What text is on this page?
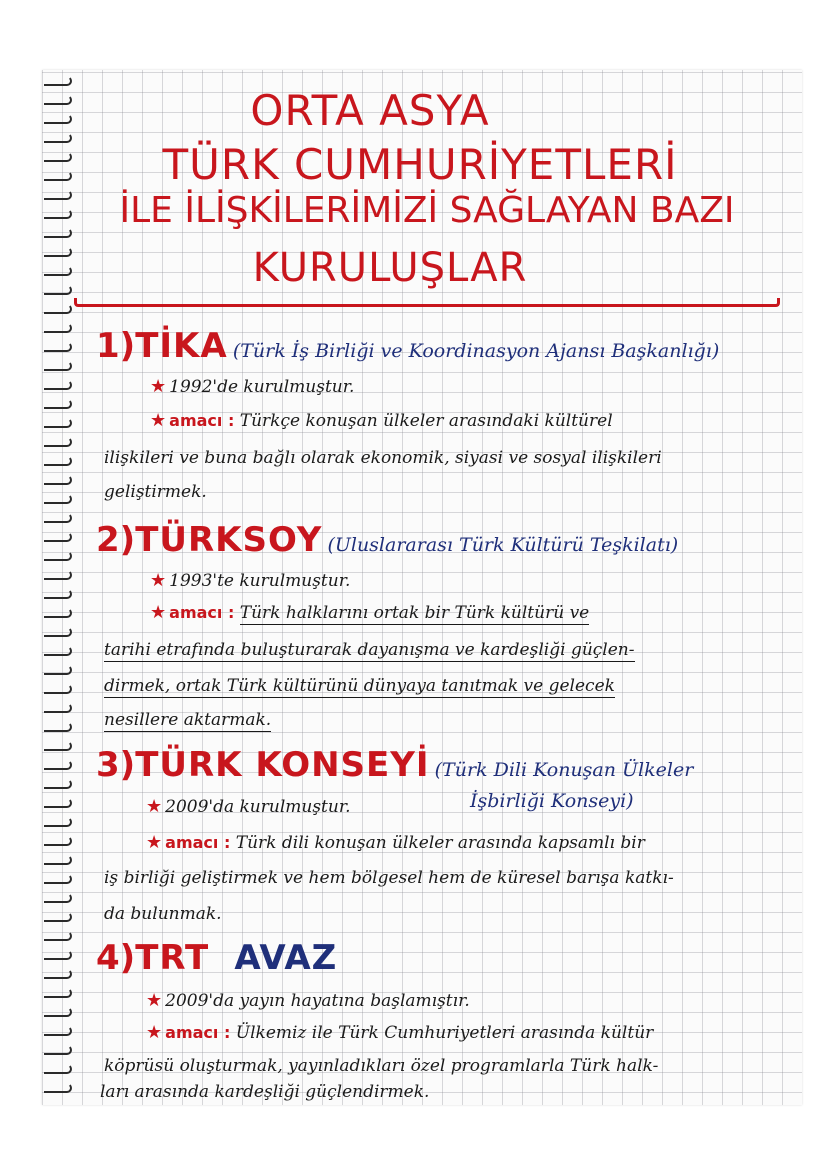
ORTA ASYA
TÜRK CUMHURİYETLERİ
İLE İLİŞKİLERİMİZİ SAĞLAYAN BAZI
KURULUŞLAR
1)TİKA (Türk İş Birliği ve Koordinasyon Ajansı Başkanlığı)
★ 1992'de kurulmuştur.
★ amacı : Türkçe konuşan ülkeler arasındaki kültürel
ilişkileri ve buna bağlı olarak ekonomik, siyasi ve sosyal ilişkileri
geliştirmek.
2)TÜRKSOY (Uluslararası Türk Kültürü Teşkilatı)
★ 1993'te kurulmuştur.
★ amacı : Türk halklarını ortak bir Türk kültürü ve
tarihi etrafında buluşturarak dayanışma ve kardeşliği güçlen-
dirmek, ortak Türk kültürünü dünyaya tanıtmak ve gelecek
nesillere aktarmak.
3)TÜRK KONSEYİ (Türk Dili Konuşan Ülkeler
★ 2009'da kurulmuştur.	İşbirliği Konseyi)
★ amacı : Türk dili konuşan ülkeler arasında kapsamlı bir
iş birliği geliştirmek ve hem bölgesel hem de küresel barışa katkı-
da bulunmak.
4)TRT AVAZ
★ 2009'da yayın hayatına başlamıştır.
★ amacı : Ülkemiz ile Türk Cumhuriyetleri arasında kültür
köprüsü oluşturmak, yayınladıkları özel programlarla Türk halk-
ları arasında kardeşliği güçlendirmek.
